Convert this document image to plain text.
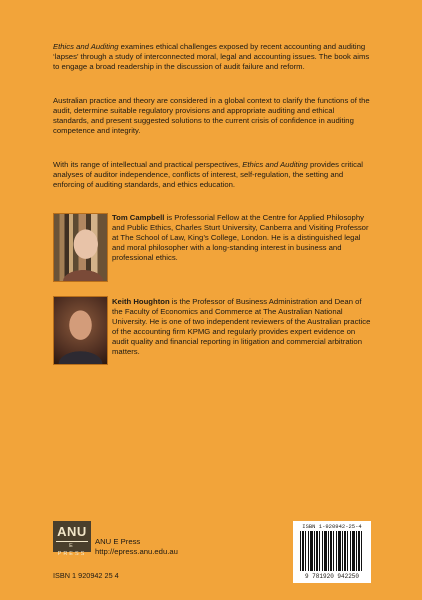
Ethics and Auditing examines ethical challenges exposed by recent accounting and auditing ‘lapses’ through a study of interconnected moral, legal and accounting issues. The book aims to engage a broad readership in the discussion of audit failure and reform.

Australian practice and theory are considered in a global context to clarify the functions of the audit, determine suitable regulatory provisions and appropriate auditing and ethical standards, and present suggested solutions to the current crisis of confidence in auditing competence and integrity.

With its range of intellectual and practical perspectives, Ethics and Auditing provides critical analyses of auditor independence, conflicts of interest, self-regulation, the setting and enforcing of auditing standards, and ethics education.

Tom Campbell is Professorial Fellow at the Centre for Applied Philosophy and Public Ethics, Charles Sturt University, Canberra and Visiting Professor at The School of Law, King’s College, London. He is a distinguished legal and moral philosopher with a long-standing interest in business and professional ethics.

Keith Houghton is the Professor of Business Administration and Dean of the Faculty of Economics and Commerce at The Australian National University. He is one of two independent reviewers of the Australian practice of the accounting firm KPMG and regularly provides expert evidence on audit quality and financial reporting in litigation and commercial arbitration matters.

ANU
E PRESS

ANU E Press
http://epress.anu.edu.au

ISBN 1 920942 25 4

ISBN 1-920942-25-4

9 781920 942250
